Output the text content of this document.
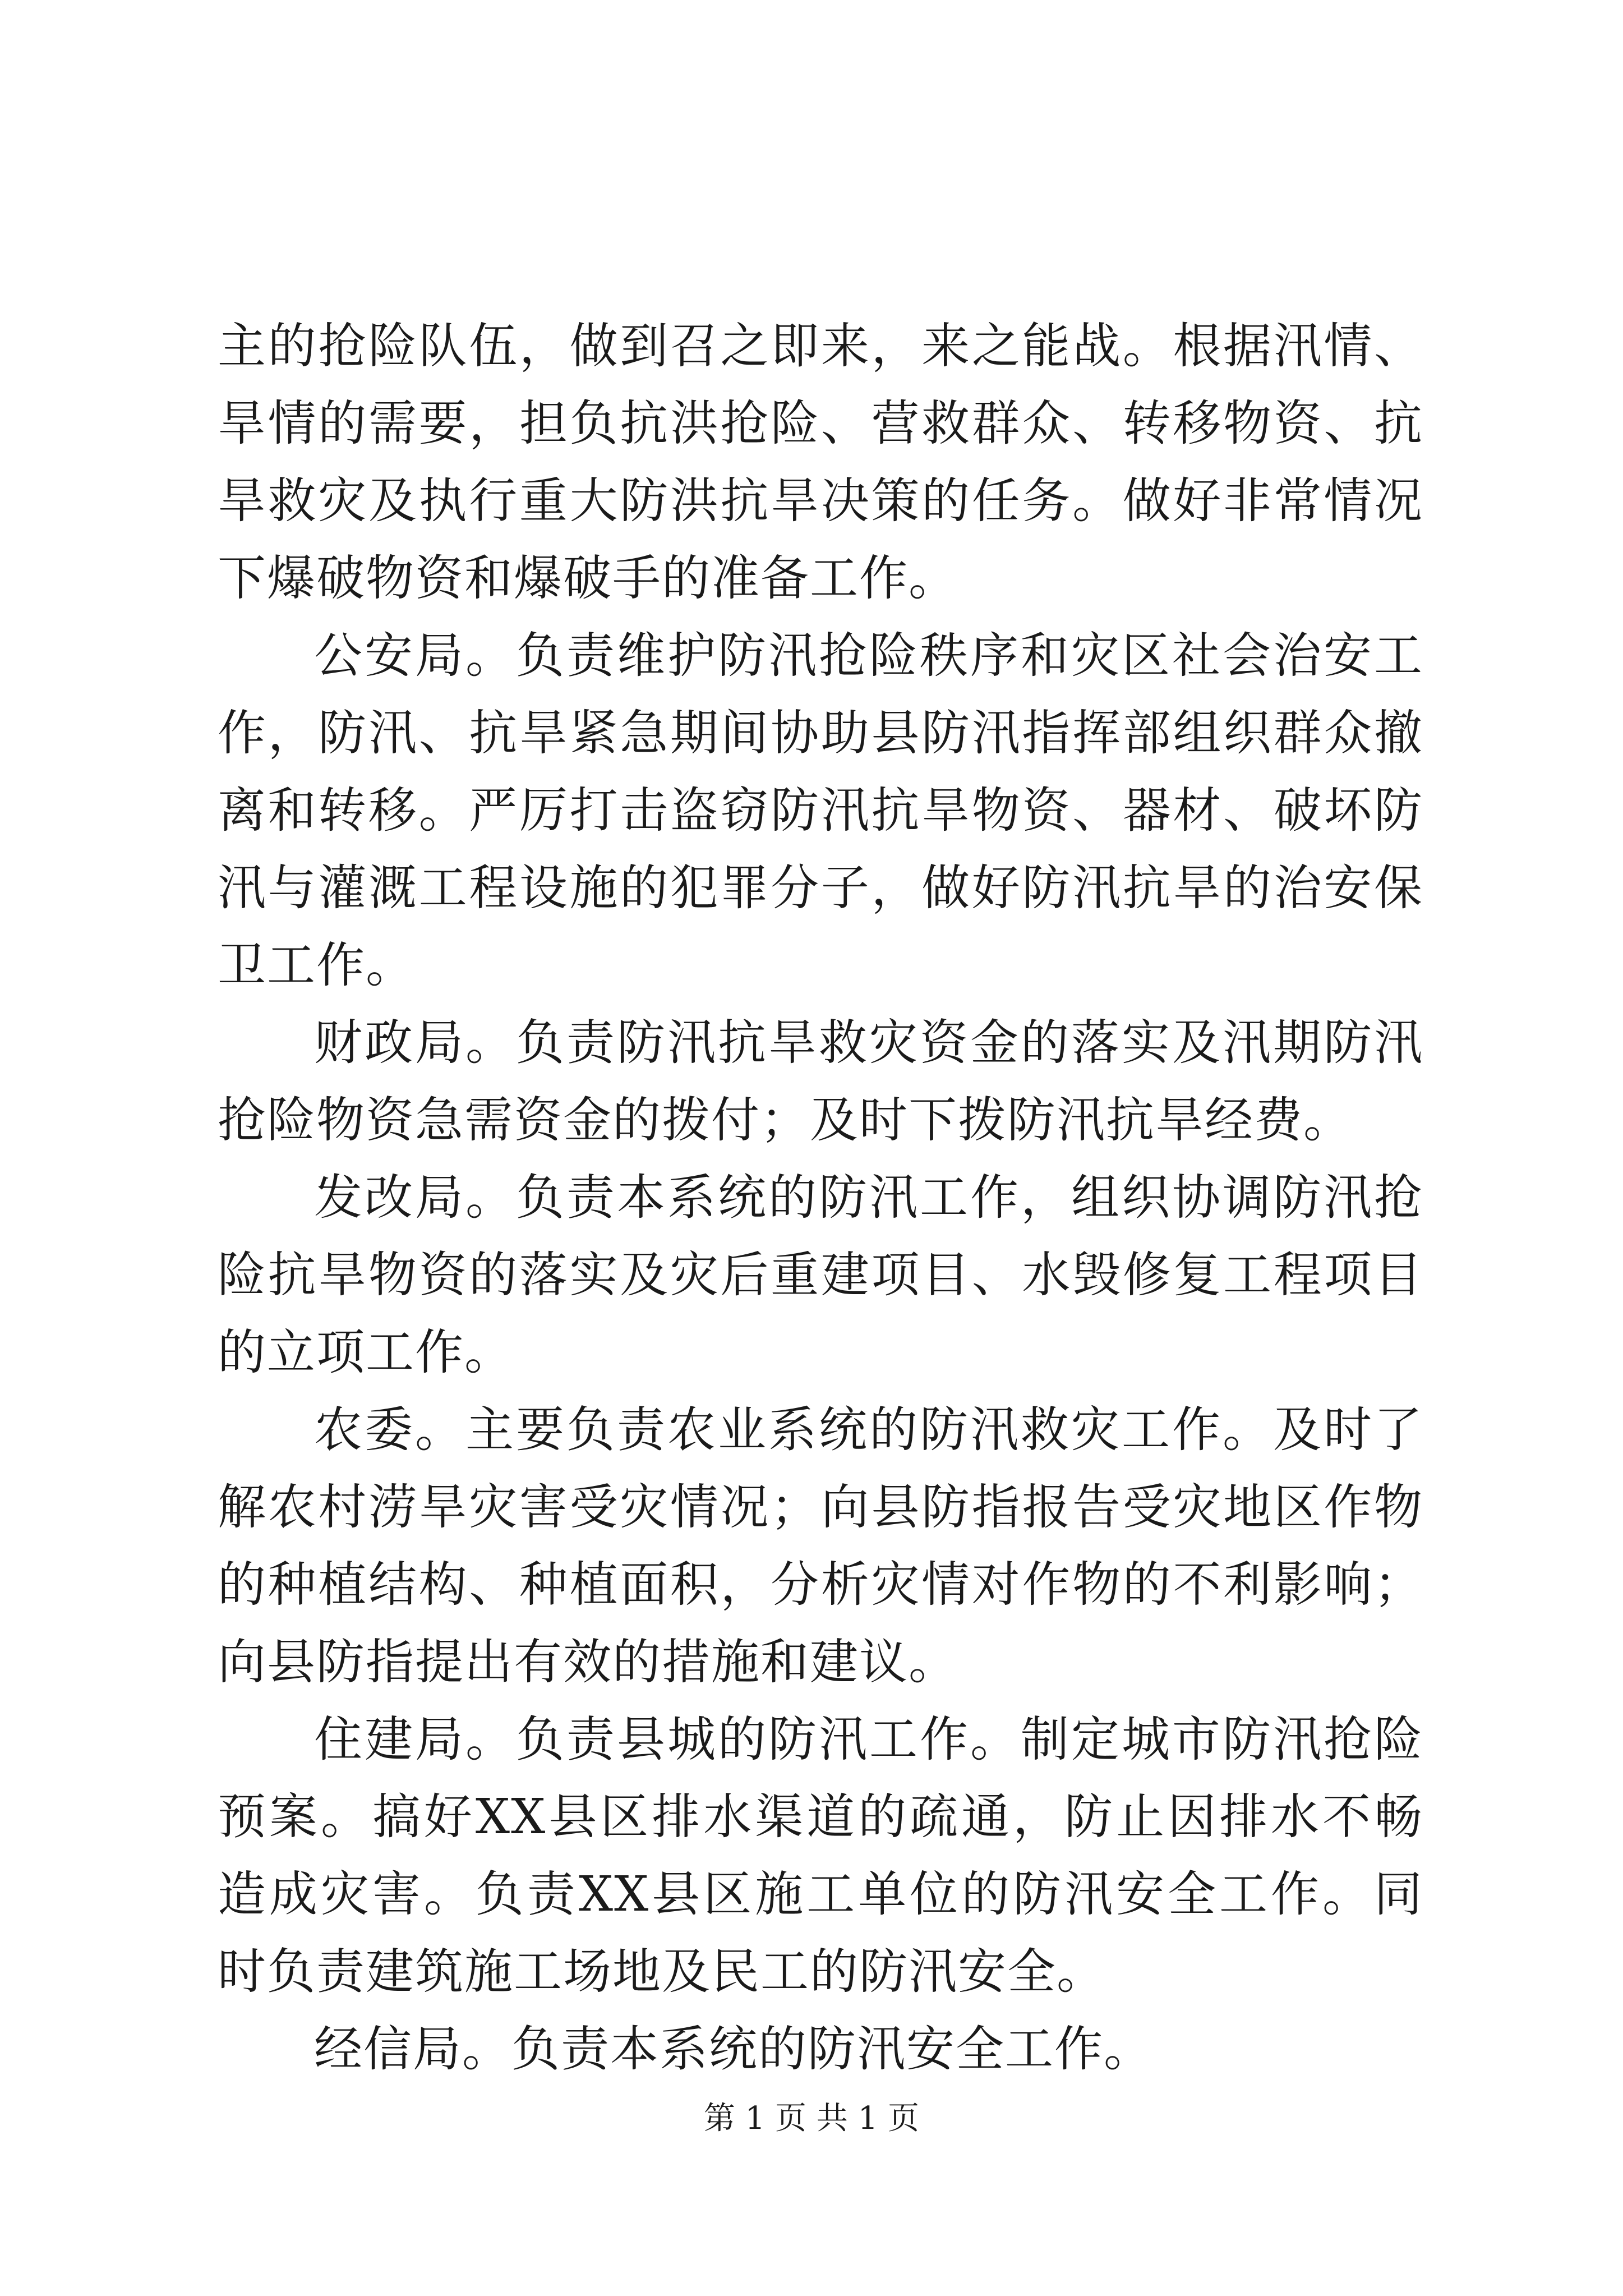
主的抢险队伍，做到召之即来，来之能战。根据汛情、旱情的需要，担负抗洪抢险、营救群众、转移物资、抗旱救灾及执行重大防洪抗旱决策的任务。做好非常情况下爆破物资和爆破手的准备工作。

公安局。负责维护防汛抢险秩序和灾区社会治安工作，防汛、抗旱紧急期间协助县防汛指挥部组织群众撤离和转移。严厉打击盗窃防汛抗旱物资、器材、破坏防汛与灌溉工程设施的犯罪分子，做好防汛抗旱的治安保卫工作。

财政局。负责防汛抗旱救灾资金的落实及汛期防汛抢险物资急需资金的拨付；及时下拨防汛抗旱经费。

发改局。负责本系统的防汛工作，组织协调防汛抢险抗旱物资的落实及灾后重建项目、水毁修复工程项目的立项工作。

农委。主要负责农业系统的防汛救灾工作。及时了解农村涝旱灾害受灾情况；向县防指报告受灾地区作物的种植结构、种植面积，分析灾情对作物的不利影响；向县防指提出有效的措施和建议。

住建局。负责县城的防汛工作。制定城市防汛抢险预案。搞好XX县区排水渠道的疏通，防止因排水不畅造成灾害。负责XX县区施工单位的防汛安全工作。同时负责建筑施工场地及民工的防汛安全。

经信局。负责本系统的防汛安全工作。

第 1 页 共 1 页
